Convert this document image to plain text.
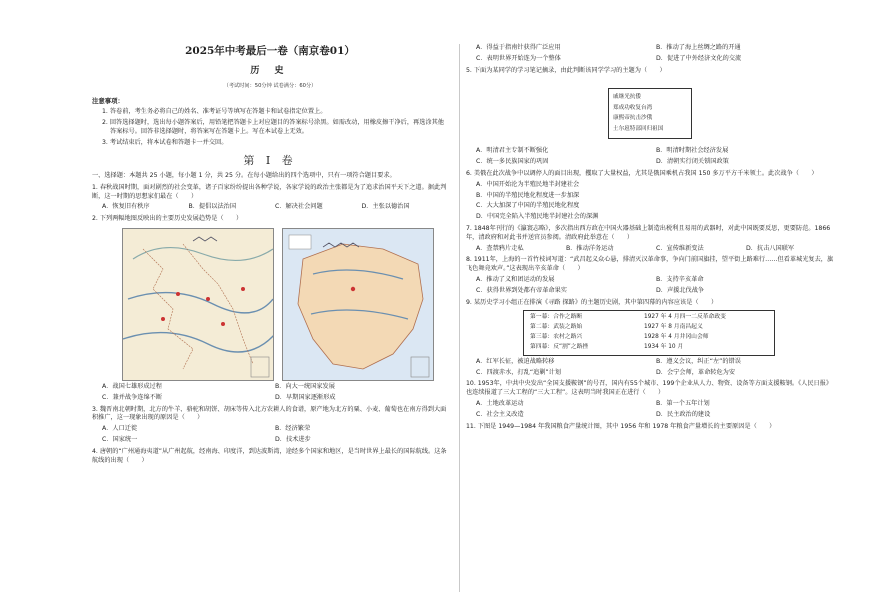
2025年中考最后一卷（南京卷01）
历 史
（考试时间：50分钟 试卷满分：60分）
注意事项：
1. 答卷前，考生务必将自己的姓名、准考证号等填写在答题卡和试卷指定位置上。
2. 回答选择题时，选出每小题答案后，用铅笔把答题卡上对应题目的答案标号涂黑。如需改动，用橡皮擦干净后，再选涂其他答案标号。回答非选择题时，将答案写在答题卡上。写在本试卷上无效。
3. 考试结束后，将本试卷和答题卡一并交回。
第 I 卷
一、选择题：本题共 25 小题，每小题 1 分，共 25 分。在每小题给出的四个选项中，只有一项符合题目要求。
1. 春秋战国时期，面对剧烈的社会变革，诸子百家纷纷提出各种学说，各家学说的政治主张都是为了追求治国平天下之道。据此判断，这一时期的思想家们最在（　　）
A．恢复旧有秩序	B．提倡以法治国	C．解决社会问题	D．主张以德治国
2. 下列两幅地图反映出的主要历史发展趋势是（　　）
A．战国七雄形成过程	B．向大一统国家发展
C．兼并战争连绵不断	D．早期国家逐渐形成
3. 魏晋南北朝时期，北方的牛羊、骆驼和胡饼、胡床等传入北方农耕人的食谱，原产地为北方的粟、小麦、葡萄也在南方得到大面积推广，这一现象出现的原因是（　　）
A．人口迁徙	B．经济繁荣
C．国家统一	D．技术进步
4. 唐朝的“广州通海夷道”从广州起航，经南海、印度洋，到达波斯湾，途经多个国家和地区，是当时世界上最长的国际航线。这条航线的出现（　　）
A．得益于指南针获得广泛应用	B．推动了海上丝绸之路的开通
C．表明世界开始连为一个整体	D．促进了中外经济文化的交流
5. 下面为某同学的学习笔记摘录，由此判断该同学学习的主题为（　　）
A．明清君主专制不断强化	B．明清时期社会经济发展
C．统一多民族国家的巩固	D．清朝实行闭关锁国政策
6. 美俄在此次战争中以调停人的面目出现，攫取了大量权益，尤其是俄国乘机占我国 150 多万平方千米领土。此次战争（　　）
A．中国开始沦为半殖民地半封建社会
B．中国的半殖民地化程度进一步加深
C．大大加深了中国的半殖民地化程度
D．中国完全陷入半殖民地半封建社会的深渊
7. 1848年刊行的《瀛寰志略》，多次指出西方政在中国火器基础上制造出税利且易用的武器时，对此中国既要反思，更要防范。1866年，清政府和对此书并送官员参阅。清政府此举意在（　　）
A．查禁鸦片走私	B．推动洋务运动	C．宣传维新变法	D．抗击八国联军
8. 1911年，上海的一首竹枝词写道：“武昌起义众心悬，排清灭汉革命事，争向门前国旗挂，望平街上路难行……但看革城光复去，旗飞色舞竟欢声。”这表现出辛亥革命（　　）
A．推动了义和团运动的发展	B．支持辛亥革命
C．获得世界到处都有帝革命果实	D．声援北伐战争
9. 某历史学习小组正在排演《寻路 探路》的主题历史剧，其中第四幕的内容应该是（　　）
第一幕：合作之路断	1927 年 4 月四一二反革命政变
第二幕：武装之路始	1927 年 8 月南昌起义
第三幕：农村之路兴	1928 年 4 月井冈山会师
第四幕：反“割”之路挫	1934 年 10 月
A．红军长征，被迫战略转移	B．遵义会议，纠正“左”的错误
C．四渡赤水，打乱“追剿”计划	D．会宁会师，革命转危为安
10. 1953年，中共中央发出“全国支援鞍钢”的号召，国内有55个城市、199个企业从人力、物资、设备等方面支援鞍钢。《人民日报》也连续报道了三大工程的“三大工程”。这表明当时我国正在进行（　　）
A．土地改革运动	B．第一个五年计划
C．社会主义改造	D．民主政治的建设
11. 下图是 1949—1984 年我国粮食产量统计图，其中 1956 年和 1978 年粮食产量增长的主要原因是（　　）
戚继光抗倭
郑成功收复台湾
康熙帝抗击沙俄
土尔扈特部回归祖国
